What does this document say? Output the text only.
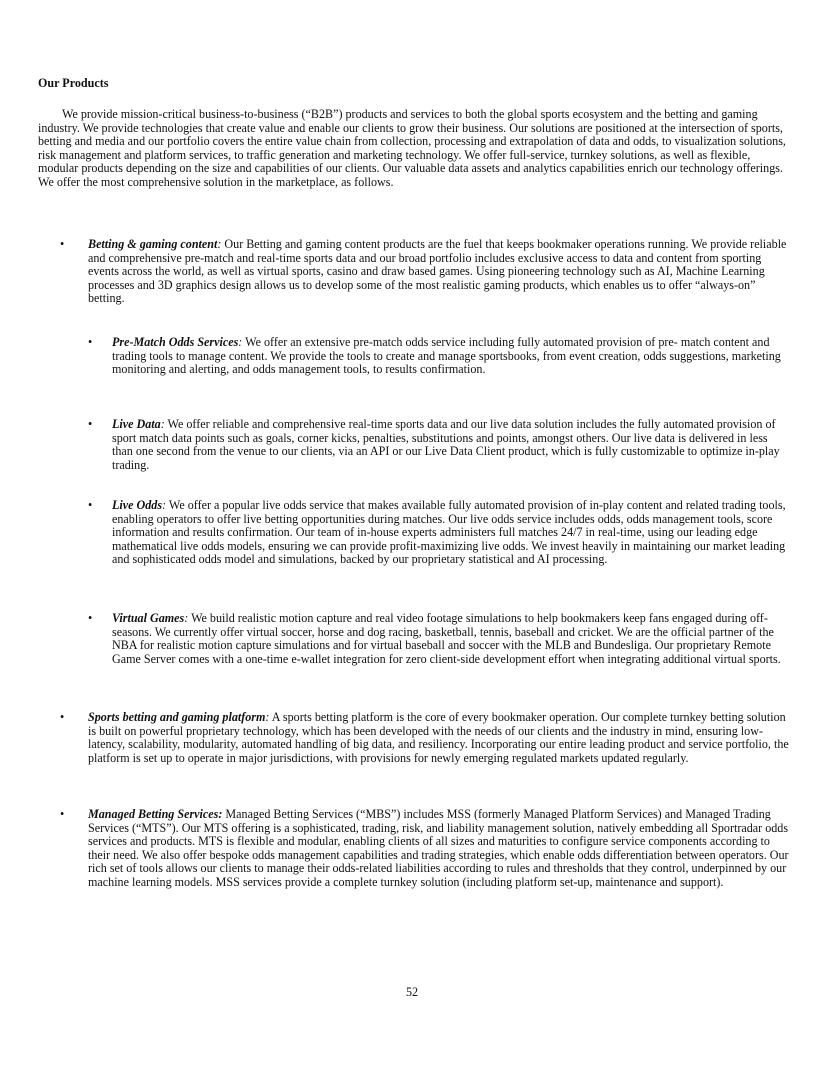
Our Products
We provide mission-critical business-to-business (“B2B”) products and services to both the global sports ecosystem and the betting and gaming industry. We provide technologies that create value and enable our clients to grow their business. Our solutions are positioned at the intersection of sports, betting and media and our portfolio covers the entire value chain from collection, processing and extrapolation of data and odds, to visualization solutions, risk management and platform services, to traffic generation and marketing technology. We offer full-service, turnkey solutions, as well as flexible, modular products depending on the size and capabilities of our clients. Our valuable data assets and analytics capabilities enrich our technology offerings. We offer the most comprehensive solution in the marketplace, as follows.
• Betting & gaming content: Our Betting and gaming content products are the fuel that keeps bookmaker operations running. We provide reliable and comprehensive pre-match and real-time sports data and our broad portfolio includes exclusive access to data and content from sporting events across the world, as well as virtual sports, casino and draw based games. Using pioneering technology such as AI, Machine Learning processes and 3D graphics design allows us to develop some of the most realistic gaming products, which enables us to offer “always-on” betting.
• Pre-Match Odds Services: We offer an extensive pre-match odds service including fully automated provision of pre- match content and trading tools to manage content. We provide the tools to create and manage sportsbooks, from event creation, odds suggestions, marketing monitoring and alerting, and odds management tools, to results confirmation.
• Live Data: We offer reliable and comprehensive real-time sports data and our live data solution includes the fully automated provision of sport match data points such as goals, corner kicks, penalties, substitutions and points, amongst others. Our live data is delivered in less than one second from the venue to our clients, via an API or our Live Data Client product, which is fully customizable to optimize in-play trading.
• Live Odds: We offer a popular live odds service that makes available fully automated provision of in-play content and related trading tools, enabling operators to offer live betting opportunities during matches. Our live odds service includes odds, odds management tools, score information and results confirmation. Our team of in-house experts administers full matches 24/7 in real-time, using our leading edge mathematical live odds models, ensuring we can provide profit-maximizing live odds. We invest heavily in maintaining our market leading and sophisticated odds model and simulations, backed by our proprietary statistical and AI processing.
• Virtual Games: We build realistic motion capture and real video footage simulations to help bookmakers keep fans engaged during off-seasons. We currently offer virtual soccer, horse and dog racing, basketball, tennis, baseball and cricket. We are the official partner of the NBA for realistic motion capture simulations and for virtual baseball and soccer with the MLB and Bundesliga. Our proprietary Remote Game Server comes with a one-time e-wallet integration for zero client-side development effort when integrating additional virtual sports.
• Sports betting and gaming platform: A sports betting platform is the core of every bookmaker operation. Our complete turnkey betting solution is built on powerful proprietary technology, which has been developed with the needs of our clients and the industry in mind, ensuring low-latency, scalability, modularity, automated handling of big data, and resiliency. Incorporating our entire leading product and service portfolio, the platform is set up to operate in major jurisdictions, with provisions for newly emerging regulated markets updated regularly.
• Managed Betting Services: Managed Betting Services (“MBS”) includes MSS (formerly Managed Platform Services) and Managed Trading Services (“MTS”). Our MTS offering is a sophisticated, trading, risk, and liability management solution, natively embedding all Sportradar odds services and products. MTS is flexible and modular, enabling clients of all sizes and maturities to configure service components according to their need. We also offer bespoke odds management capabilities and trading strategies, which enable odds differentiation between operators. Our rich set of tools allows our clients to manage their odds-related liabilities according to rules and thresholds that they control, underpinned by our machine learning models. MSS services provide a complete turnkey solution (including platform set-up, maintenance and support).
52
